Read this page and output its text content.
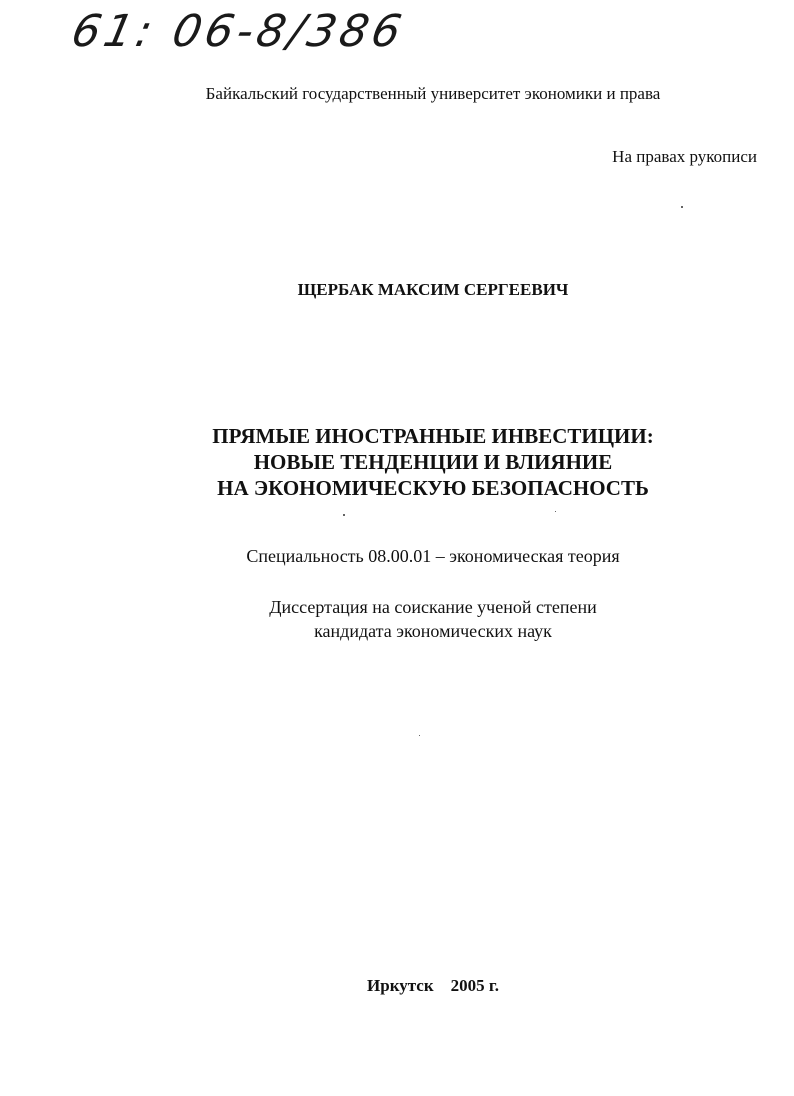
61: 06-8/386
Байкальский государственный университет экономики и права
На правах рукописи
ЩЕРБАК МАКСИМ СЕРГЕЕВИЧ
ПРЯМЫЕ ИНОСТРАННЫЕ ИНВЕСТИЦИИ:
НОВЫЕ ТЕНДЕНЦИИ И ВЛИЯНИЕ
НА ЭКОНОМИЧЕСКУЮ БЕЗОПАСНОСТЬ
Специальность 08.00.01 – экономическая теория
Диссертация на соискание ученой степени
кандидата экономических наук
Иркутск 2005 г.
